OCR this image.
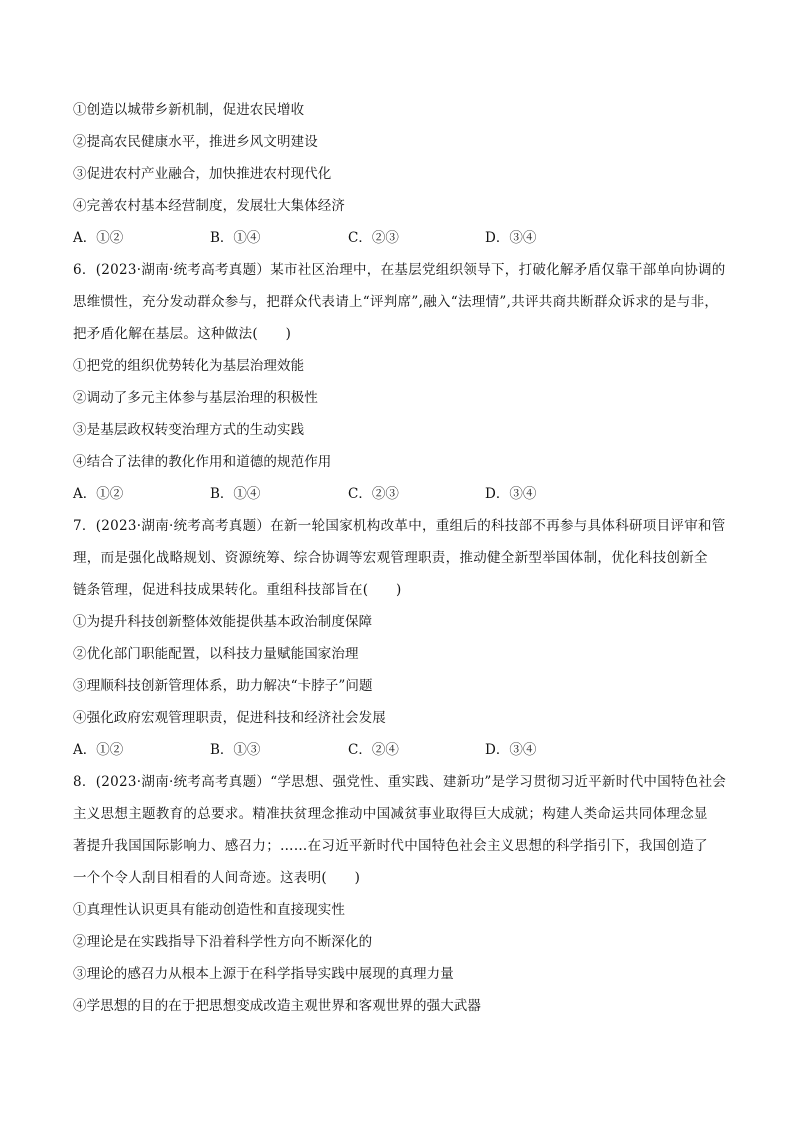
①创造以城带乡新机制，促进农民增收
②提高农民健康水平，推进乡风文明建设
③促进农村产业融合，加快推进农村现代化
④完善农村基本经营制度，发展壮大集体经济
A．①②	B．①④	C．②③	D．③④
6．(2023·湖南·统考高考真题）某市社区治理中，在基层党组织领导下，打破化解矛盾仅靠干部单向协调的
思维惯性，充分发动群众参与，把群众代表请上“评判席”,融入“法理情”,共评共商共断群众诉求的是与非，
把矛盾化解在基层。这种做法(　　)
①把党的组织优势转化为基层治理效能
②调动了多元主体参与基层治理的积极性
③是基层政权转变治理方式的生动实践
④结合了法律的教化作用和道德的规范作用
A．①②	B．①④	C．②③	D．③④
7．(2023·湖南·统考高考真题）在新一轮国家机构改革中，重组后的科技部不再参与具体科研项目评审和管
理，而是强化战略规划、资源统筹、综合协调等宏观管理职责，推动健全新型举国体制，优化科技创新全
链条管理，促进科技成果转化。重组科技部旨在(　　)
①为提升科技创新整体效能提供基本政治制度保障
②优化部门职能配置，以科技力量赋能国家治理
③理顺科技创新管理体系，助力解决“卡脖子”问题
④强化政府宏观管理职责，促进科技和经济社会发展
A．①②	B．①③	C．②④	D．③④
8．(2023·湖南·统考高考真题）“学思想、强党性、重实践、建新功”是学习贯彻习近平新时代中国特色社会
主义思想主题教育的总要求。精准扶贫理念推动中国减贫事业取得巨大成就；构建人类命运共同体理念显
著提升我国国际影响力、感召力；……在习近平新时代中国特色社会主义思想的科学指引下，我国创造了
一个个令人刮目相看的人间奇迹。这表明(　　)
①真理性认识更具有能动创造性和直接现实性
②理论是在实践指导下沿着科学性方向不断深化的
③理论的感召力从根本上源于在科学指导实践中展现的真理力量
④学思想的目的在于把思想变成改造主观世界和客观世界的强大武器
